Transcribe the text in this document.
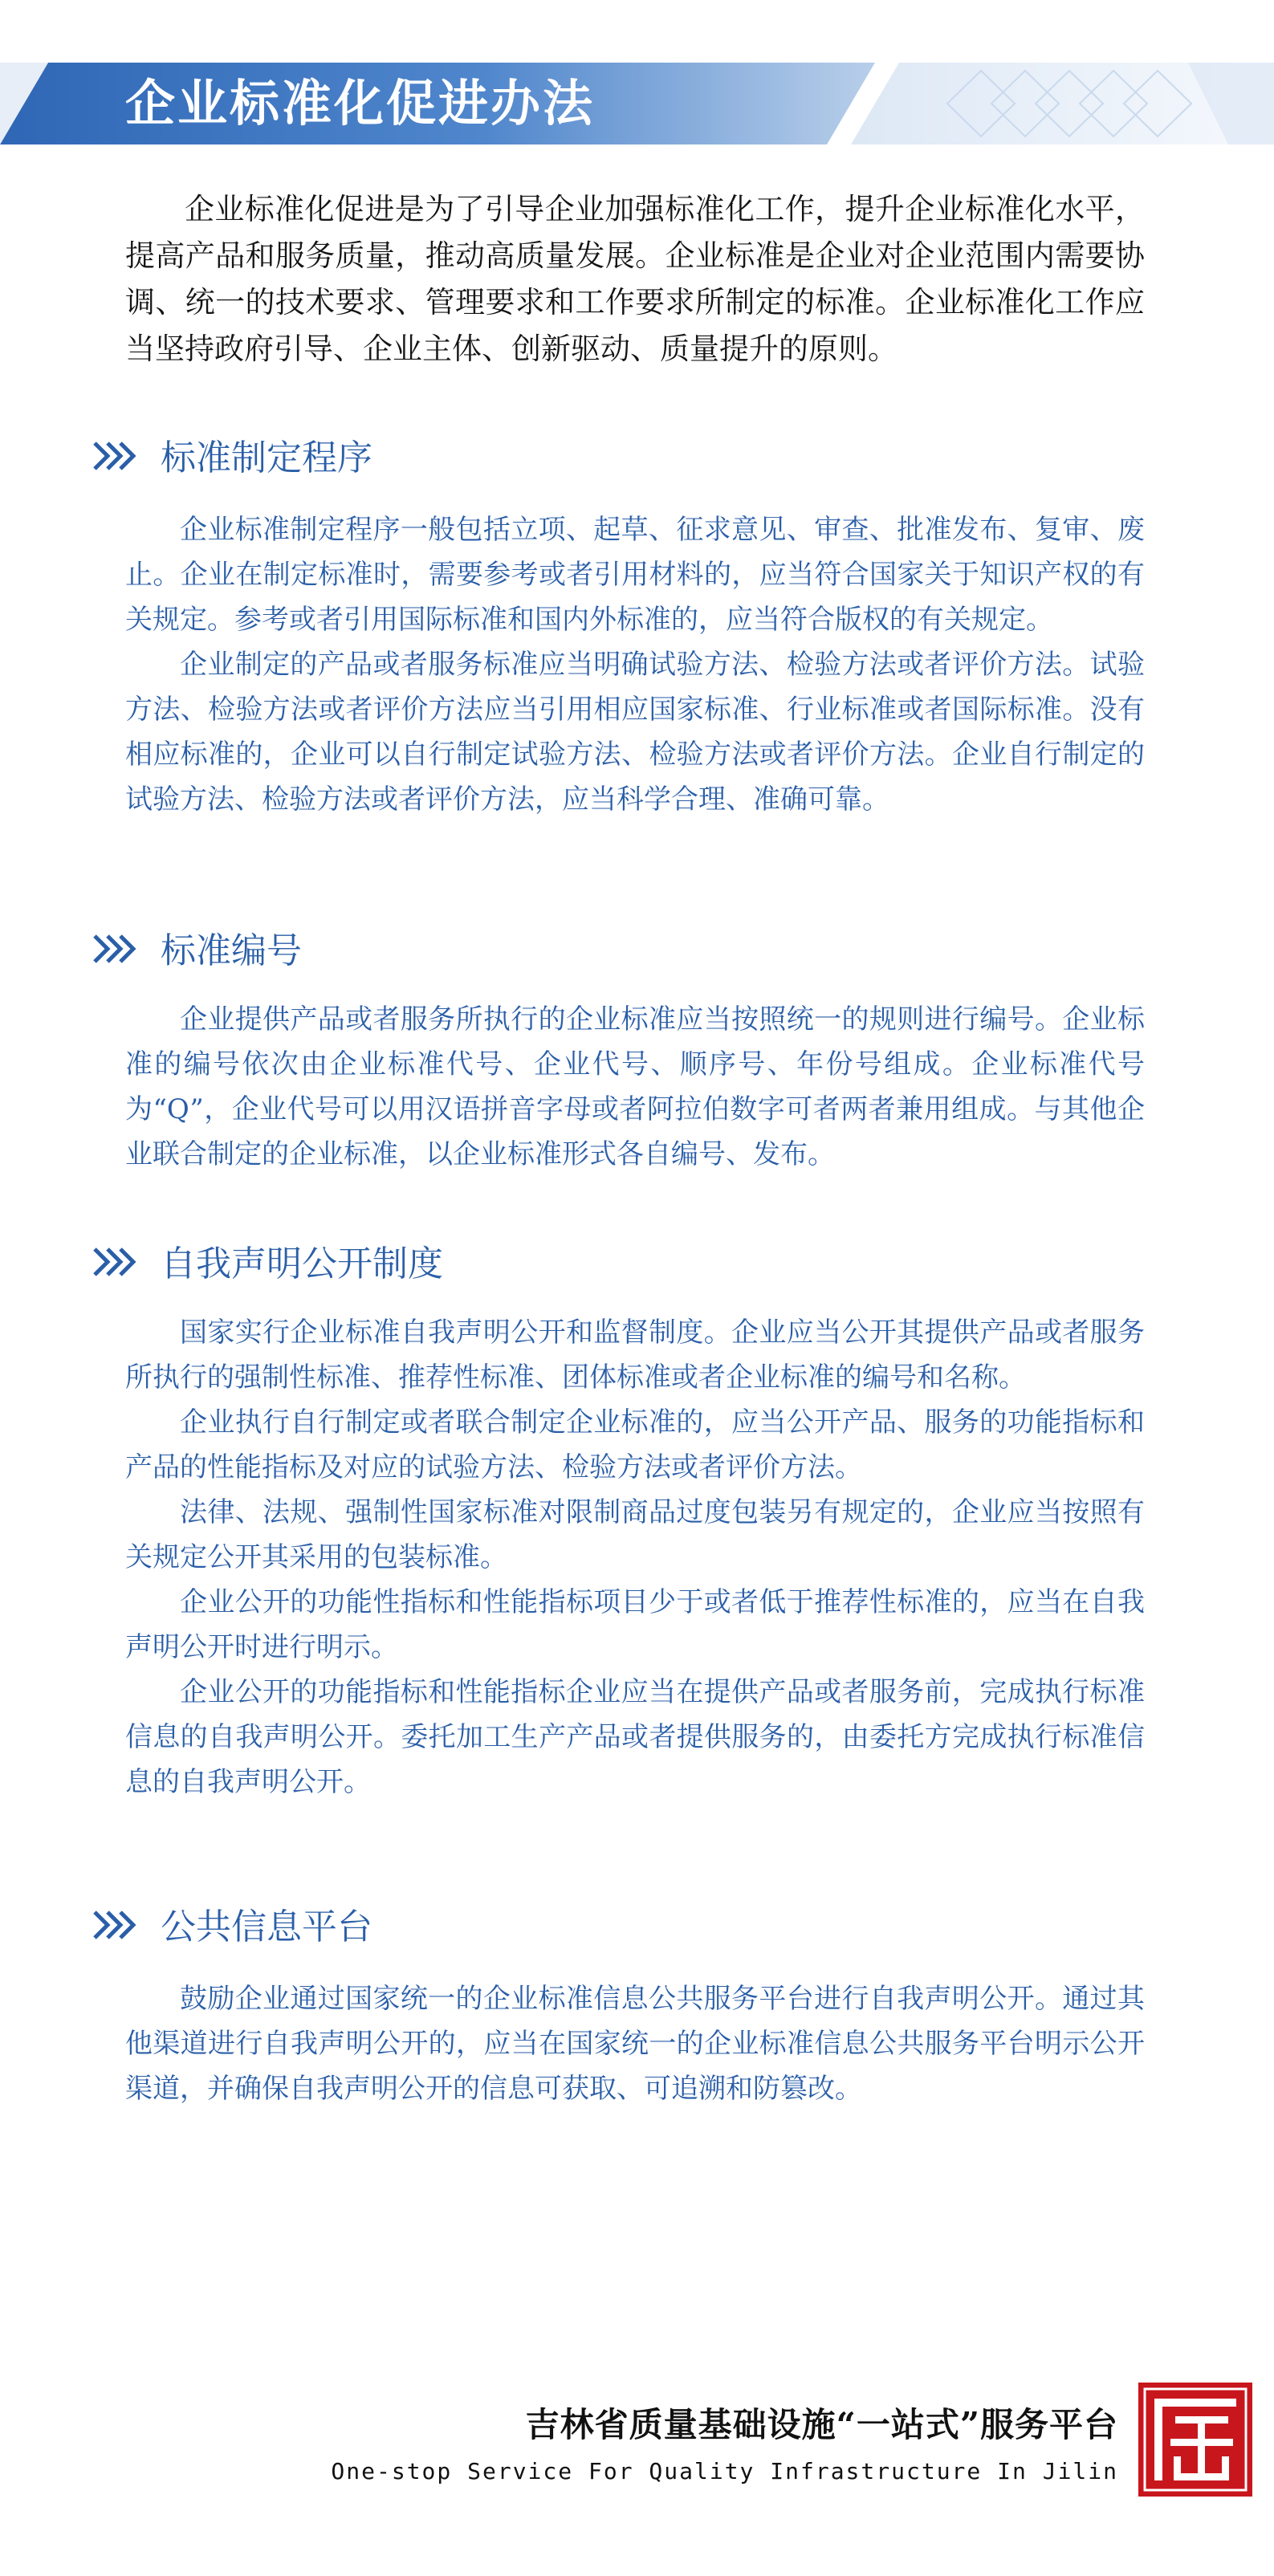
企业标准化促进办法

企业标准化促进是为了引导企业加强标准化工作，提升企业标准化水平，提高产品和服务质量，推动高质量发展。企业标准是企业对企业范围内需要协调、统一的技术要求、管理要求和工作要求所制定的标准。企业标准化工作应当坚持政府引导、企业主体、创新驱动、质量提升的原则。

标准制定程序

企业标准制定程序一般包括立项、起草、征求意见、审查、批准发布、复审、废止。企业在制定标准时，需要参考或者引用材料的，应当符合国家关于知识产权的有关规定。参考或者引用国际标准和国内外标准的，应当符合版权的有关规定。

企业制定的产品或者服务标准应当明确试验方法、检验方法或者评价方法。试验方法、检验方法或者评价方法应当引用相应国家标准、行业标准或者国际标准。没有相应标准的，企业可以自行制定试验方法、检验方法或者评价方法。企业自行制定的试验方法、检验方法或者评价方法，应当科学合理、准确可靠。

标准编号

企业提供产品或者服务所执行的企业标准应当按照统一的规则进行编号。企业标准的编号依次由企业标准代号、企业代号、顺序号、年份号组成。企业标准代号为“Q”，企业代号可以用汉语拼音字母或者阿拉伯数字可者两者兼用组成。与其他企业联合制定的企业标准，以企业标准形式各自编号、发布。

自我声明公开制度

国家实行企业标准自我声明公开和监督制度。企业应当公开其提供产品或者服务所执行的强制性标准、推荐性标准、团体标准或者企业标准的编号和名称。

企业执行自行制定或者联合制定企业标准的，应当公开产品、服务的功能指标和产品的性能指标及对应的试验方法、检验方法或者评价方法。

法律、法规、强制性国家标准对限制商品过度包装另有规定的，企业应当按照有关规定公开其采用的包装标准。

企业公开的功能性指标和性能指标项目少于或者低于推荐性标准的，应当在自我声明公开时进行明示。

企业公开的功能指标和性能指标企业应当在提供产品或者服务前，完成执行标准信息的自我声明公开。委托加工生产产品或者提供服务的，由委托方完成执行标准信息的自我声明公开。

公共信息平台

鼓励企业通过国家统一的企业标准信息公共服务平台进行自我声明公开。通过其他渠道进行自我声明公开的，应当在国家统一的企业标准信息公共服务平台明示公开渠道，并确保自我声明公开的信息可获取、可追溯和防篡改。

吉林省质量基础设施“一站式”服务平台
One-stop Service For Quality Infrastructure In Jilin
